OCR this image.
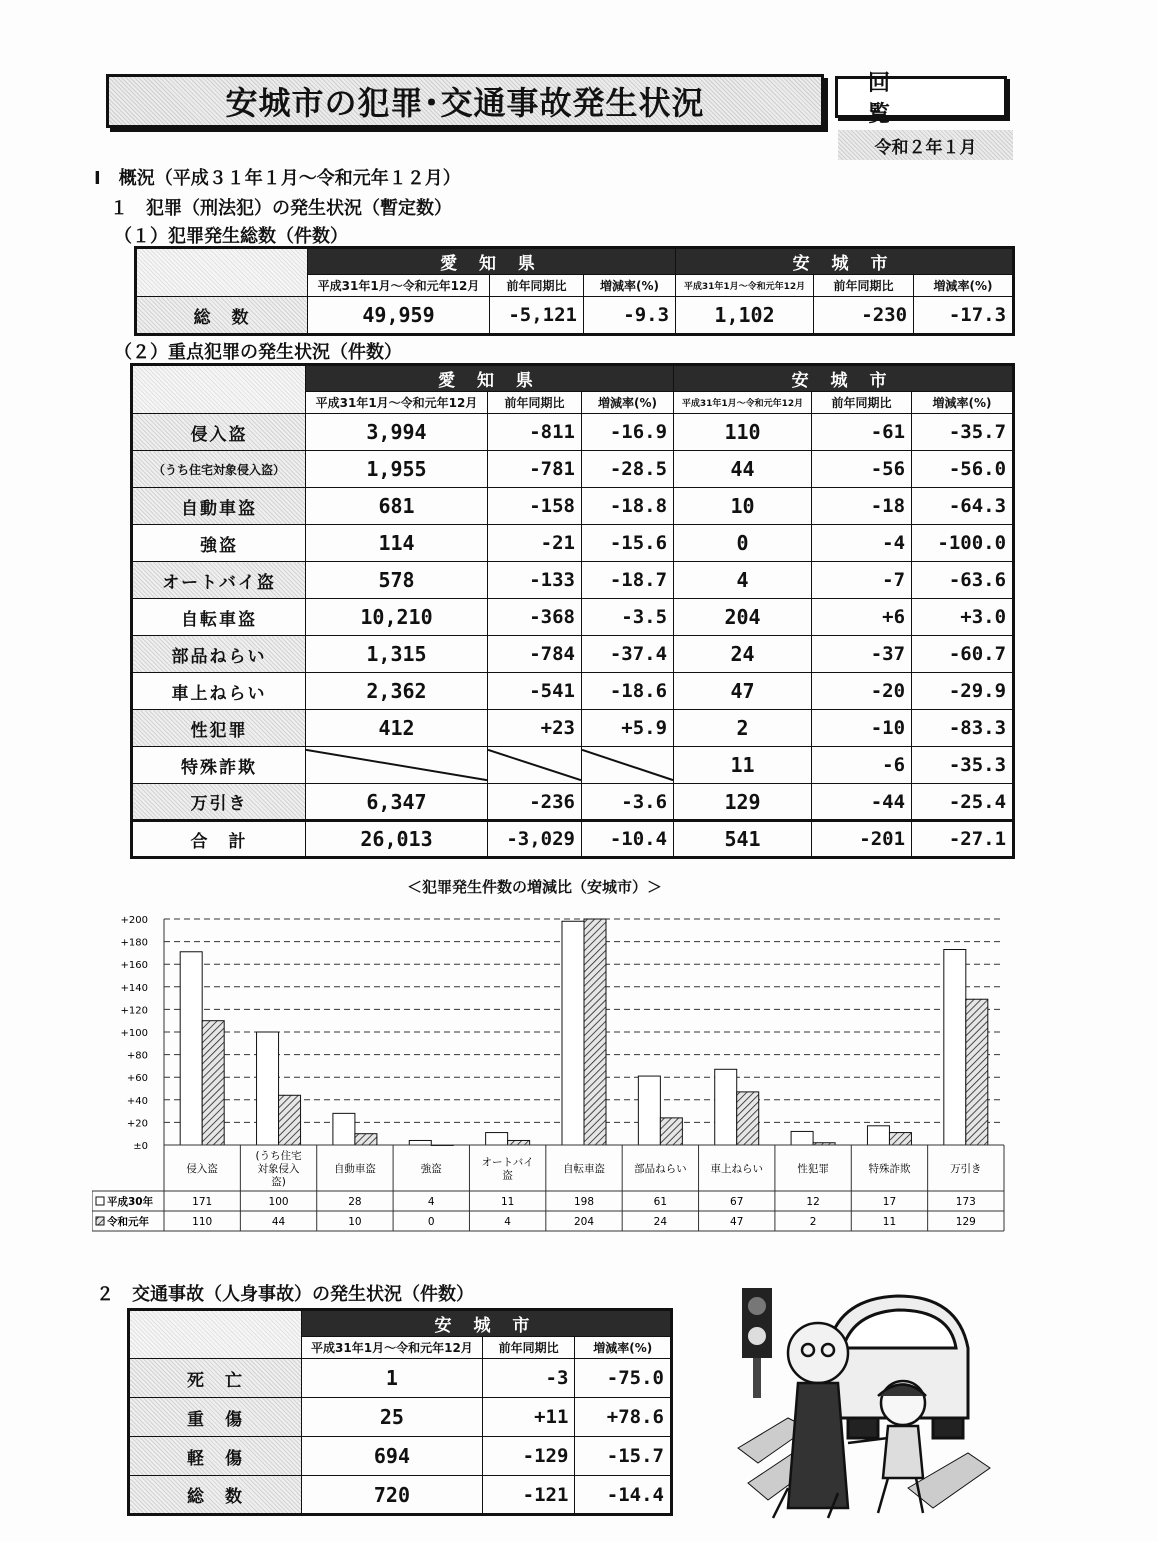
安城市の犯罪･交通事故発生状況
回 覧
令和２年１月
Ⅰ　概況（平成３１年１月～令和元年１２月）
１　犯罪（刑法犯）の発生状況（暫定数）
（１）犯罪発生総数（件数）
	愛 知 県			安 城 市		
	平成31年1月～令和元年12月	前年同期比	増減率(%)	平成31年1月～令和元年12月	前年同期比	増減率(%)
総　数	49,959	-5,121	-9.3	1,102	-230	-17.3
（２）重点犯罪の発生状況（件数）
	愛 知 県			安 城 市		
	平成31年1月～令和元年12月	前年同期比	増減率(%)	平成31年1月～令和元年12月	前年同期比	増減率(%)
侵入盗	3,994	-811	-16.9	110	-61	-35.7
（うち住宅対象侵入盗）	1,955	-781	-28.5	44	-56	-56.0
自動車盗	681	-158	-18.8	10	-18	-64.3
強盗	114	-21	-15.6	0	-4	-100.0
オートバイ盗	578	-133	-18.7	4	-7	-63.6
自転車盗	10,210	-368	-3.5	204	+6	+3.0
部品ねらい	1,315	-784	-37.4	24	-37	-60.7
車上ねらい	2,362	-541	-18.6	47	-20	-29.9
性犯罪	412	+23	+5.9	2	-10	-83.3
特殊詐欺				11	-6	-35.3
万引き	6,347	-236	-3.6	129	-44	-25.4
合　計	26,013	-3,029	-10.4	541	-201	-27.1
＜犯罪発生件数の増減比（安城市）＞
±0
+20
+40
+60
+80
+100
+120
+140
+160
+180
+200
侵入盗
(うち住宅
対象侵入
盗)
自動車盗	強盗
オートバイ
盗
自転車盗	部品ねらい 車上ねらい	性犯罪	特殊詐欺	万引き
平成30年	171	100	28	4	11	198	61	67	12	17	173
令和元年	110	44	10	0	4	204	24	47	2	11	129
２　交通事故（人身事故）の発生状況（件数）
	安 城 市		
	平成31年1月～令和元年12月	前年同期比	増減率(%)
死　亡	1	-3	-75.0
重　傷	25	+11	+78.6
軽　傷	694	-129	-15.7
総　数	720	-121	-14.4
